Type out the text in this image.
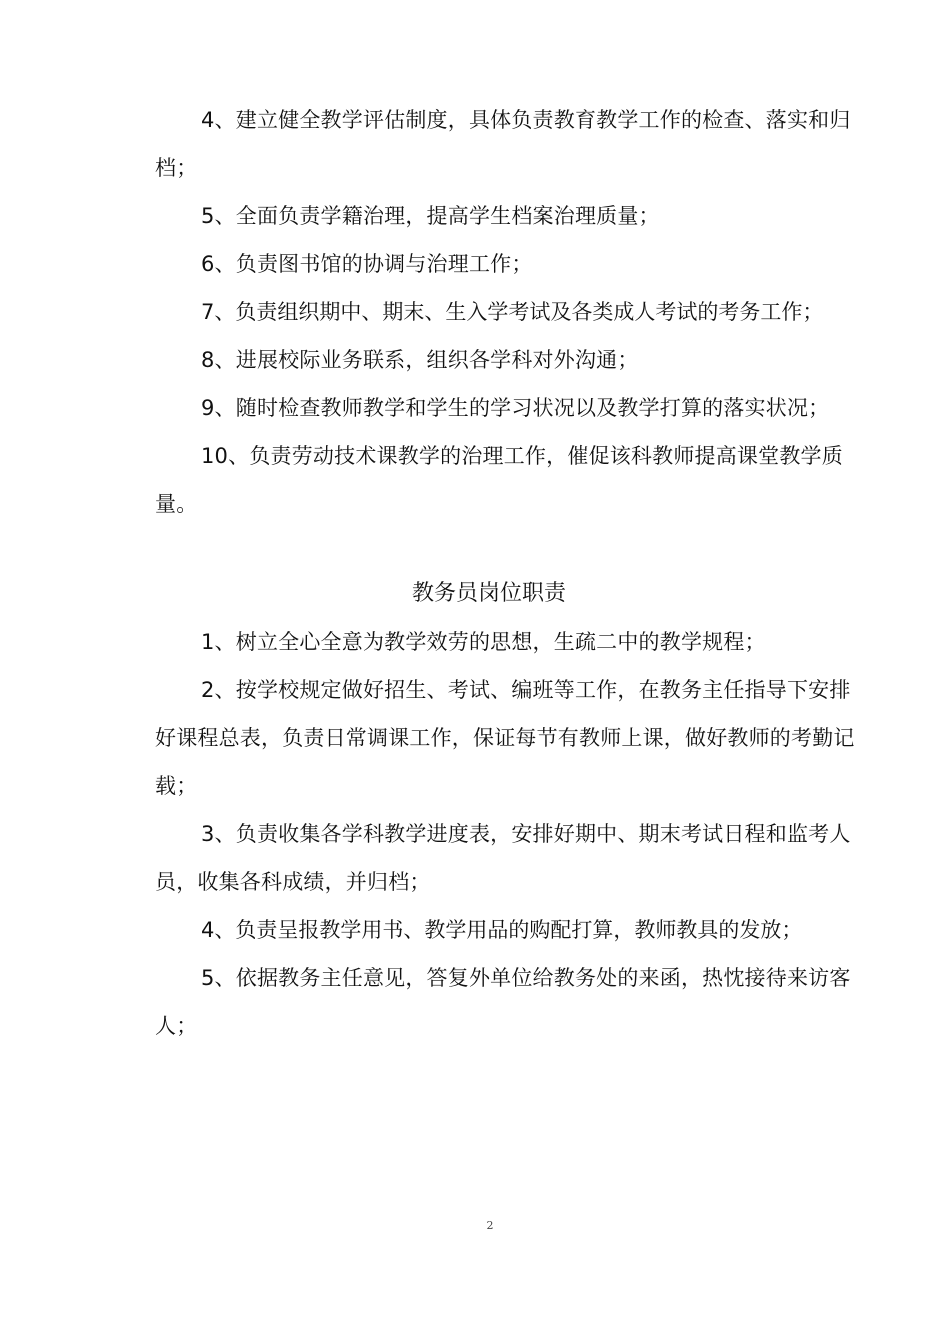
4、建立健全教学评估制度，具体负责教育教学工作的检查、落实和归档；

5、全面负责学籍治理，提高学生档案治理质量；

6、负责图书馆的协调与治理工作；

7、负责组织期中、期末、生入学考试及各类成人考试的考务工作；

8、进展校际业务联系，组织各学科对外沟通；

9、随时检查教师教学和学生的学习状况以及教学打算的落实状况；

10、负责劳动技术课教学的治理工作，催促该科教师提高课堂教学质量。

教务员岗位职责

1、树立全心全意为教学效劳的思想，生疏二中的教学规程；

2、按学校规定做好招生、考试、编班等工作，在教务主任指导下安排好课程总表，负责日常调课工作，保证每节有教师上课，做好教师的考勤记载；

3、负责收集各学科教学进度表，安排好期中、期末考试日程和监考人员，收集各科成绩，并归档；

4、负责呈报教学用书、教学用品的购配打算，教师教具的发放；

5、依据教务主任意见，答复外单位给教务处的来函，热忱接待来访客人；

2
